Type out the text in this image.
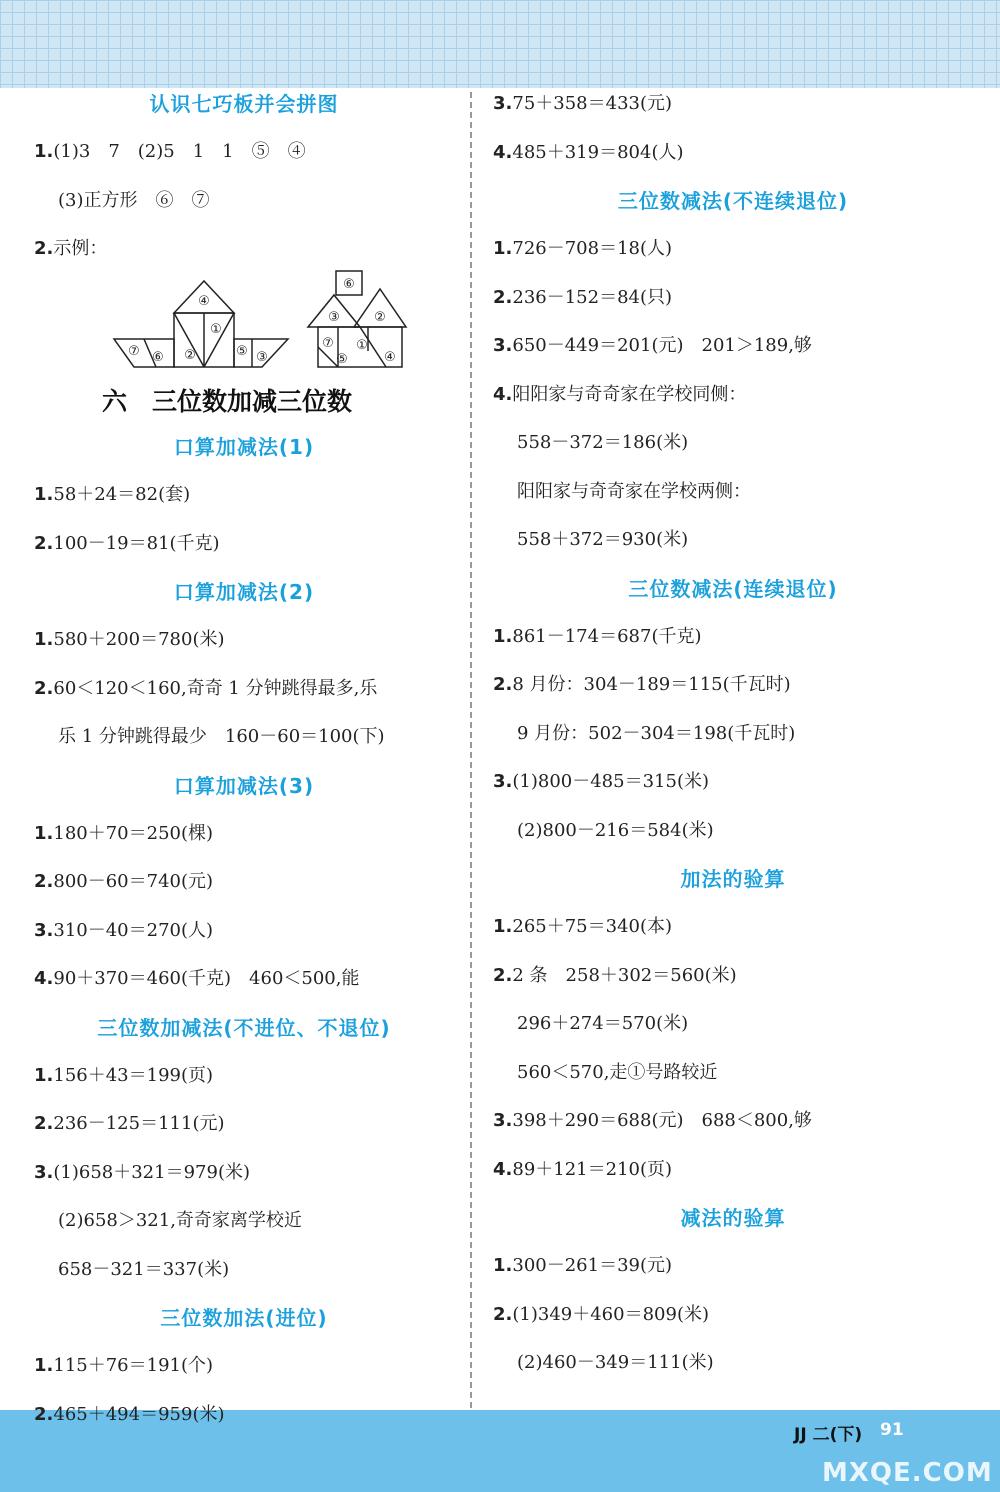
认识七巧板并会拼图
1.(1)3　7　(2)5　1　1　⑤　④
(3)正方形　⑥　⑦
2.示例：
④
①
⑦ ⑥ ②	⑤ ③
⑥
③	②
⑦
⑤
①
④
六　三位数加减三位数
口算加减法(1)
1.58＋24＝82(套)
2.100－19＝81(千克)
口算加减法(2)
1.580＋200＝780(米)
2.60＜120＜160,奇奇 1 分钟跳得最多,乐
乐 1 分钟跳得最少　160－60＝100(下)
口算加减法(3)
1.180＋70＝250(棵)
2.800－60＝740(元)
3.310－40＝270(人)
4.90＋370＝460(千克)　460＜500,能
三位数加减法(不进位、不退位)
1.156＋43＝199(页)
2.236－125＝111(元)
3.(1)658＋321＝979(米)
(2)658＞321,奇奇家离学校近
658－321＝337(米)
三位数加法(进位)
1.115＋76＝191(个)
2.465＋494＝959(米)
3.75＋358＝433(元)
4.485＋319＝804(人)
三位数减法(不连续退位)
1.726－708＝18(人)
2.236－152＝84(只)
3.650－449＝201(元)　201＞189,够
4.阳阳家与奇奇家在学校同侧：
558－372＝186(米)
阳阳家与奇奇家在学校两侧：
558＋372＝930(米)
三位数减法(连续退位)
1.861－174＝687(千克)
2.8 月份：304－189＝115(千瓦时)
9 月份：502－304＝198(千瓦时)
3.(1)800－485＝315(米)
(2)800－216＝584(米)
加法的验算
1.265＋75＝340(本)
2.2 条　258＋302＝560(米)
296＋274＝570(米)
560＜570,走①号路较近
3.398＋290＝688(元)　688＜800,够
4.89＋121＝210(页)
减法的验算
1.300－261＝39(元)
2.(1)349＋460＝809(米)
(2)460－349＝111(米)
JJ 二(下) 91
MXQE.COM
